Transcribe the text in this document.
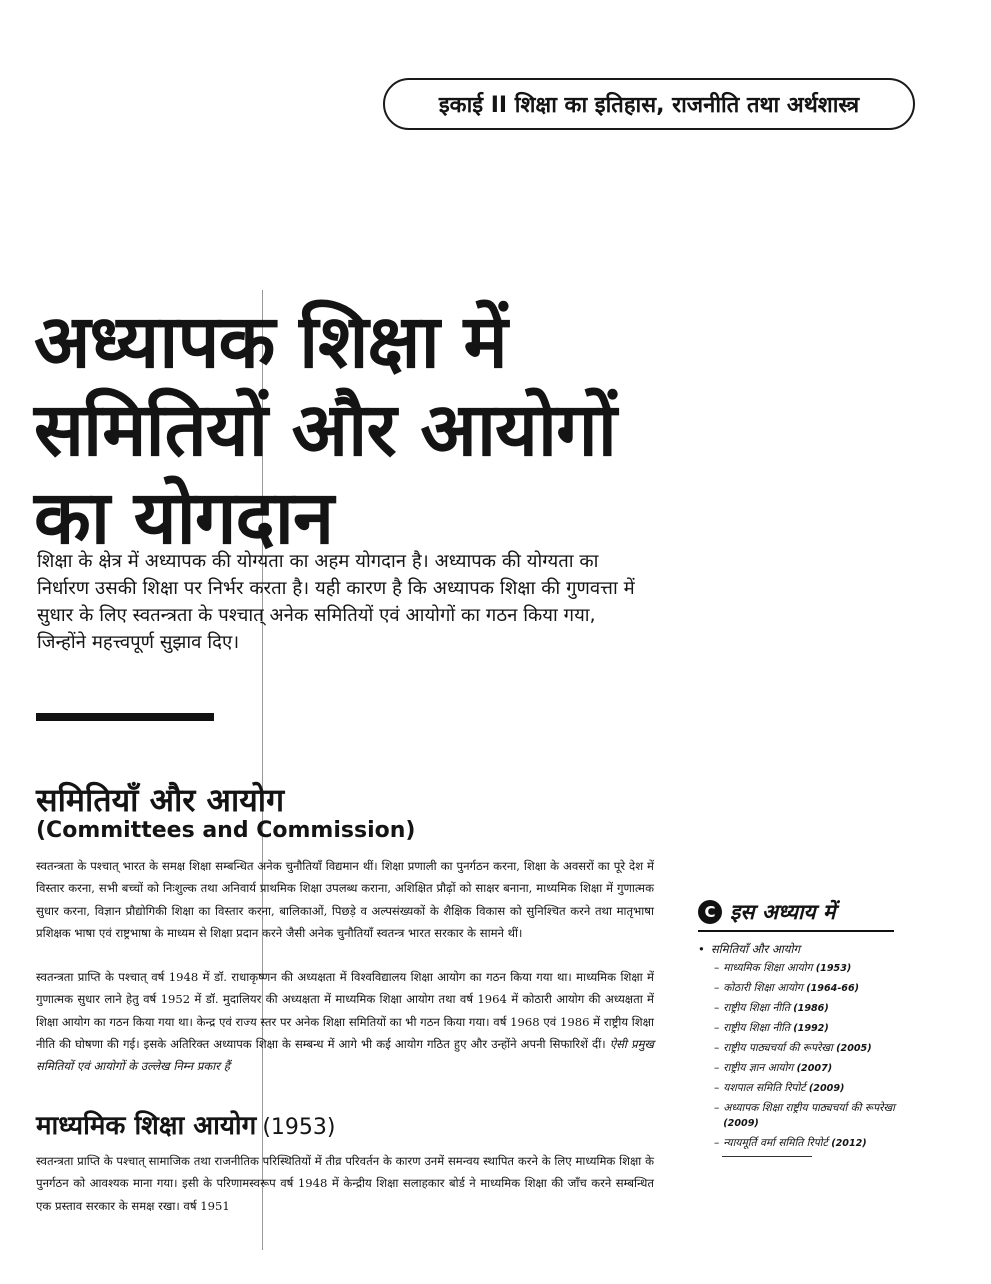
इकाई II शिक्षा का इतिहास, राजनीति तथा अर्थशास्त्र
अध्यापक शिक्षा में
समितियों और आयोगों
का योगदान

शिक्षा के क्षेत्र में अध्यापक की योग्यता का अहम योगदान है। अध्यापक की योग्यता का निर्धारण उसकी शिक्षा पर निर्भर करता है। यही कारण है कि अध्यापक शिक्षा की गुणवत्ता में सुधार के लिए स्वतन्त्रता के पश्चात् अनेक समितियों एवं आयोगों का गठन किया गया, जिन्होंने महत्त्वपूर्ण सुझाव दिए।

समितियाँ और आयोग
(Committees and Commission)

स्वतन्त्रता के पश्चात् भारत के समक्ष शिक्षा सम्बन्धित अनेक चुनौतियाँ विद्यमान थीं। शिक्षा प्रणाली का पुनर्गठन करना, शिक्षा के अवसरों का पूरे देश में विस्तार करना, सभी बच्चों को निःशुल्क तथा अनिवार्य प्राथमिक शिक्षा उपलब्ध कराना, अशिक्षित प्रौढ़ों को साक्षर बनाना, माध्यमिक शिक्षा में गुणात्मक सुधार करना, विज्ञान प्रौद्योगिकी शिक्षा का विस्तार करना, बालिकाओं, पिछड़े व अल्पसंख्यकों के शैक्षिक विकास को सुनिश्चित करने तथा मातृभाषा प्रशिक्षक भाषा एवं राष्ट्रभाषा के माध्यम से शिक्षा प्रदान करने जैसी अनेक चुनौतियाँ स्वतन्त्र भारत सरकार के सामने थीं।

स्वतन्त्रता प्राप्ति के पश्चात् वर्ष 1948 में डॉ. राधाकृष्णन की अध्यक्षता में विश्वविद्यालय शिक्षा आयोग का गठन किया गया था। माध्यमिक शिक्षा में गुणात्मक सुधार लाने हेतु वर्ष 1952 में डॉ. मुदालियर की अध्यक्षता में माध्यमिक शिक्षा आयोग तथा वर्ष 1964 में कोठारी आयोग की अध्यक्षता में शिक्षा आयोग का गठन किया गया था। केन्द्र एवं राज्य स्तर पर अनेक शिक्षा समितियों का भी गठन किया गया। वर्ष 1968 एवं 1986 में राष्ट्रीय शिक्षा नीति की घोषणा की गई। इसके अतिरिक्त अध्यापक शिक्षा के सम्बन्ध में आगे भी कई आयोग गठित हुए और उन्होंने अपनी सिफारिशें दीं। ऐसी प्रमुख समितियों एवं आयोगों के उल्लेख निम्न प्रकार हैं

माध्यमिक शिक्षा आयोग (1953)

स्वतन्त्रता प्राप्ति के पश्चात् सामाजिक तथा राजनीतिक परिस्थितियों में तीव्र परिवर्तन के कारण उनमें समन्वय स्थापित करने के लिए माध्यमिक शिक्षा के पुनर्गठन को आवश्यक माना गया। इसी के परिणामस्वरूप वर्ष 1948 में केन्द्रीय शिक्षा सलाहकार बोर्ड ने माध्यमिक शिक्षा की जाँच करने सम्बन्धित एक प्रस्ताव सरकार के समक्ष रखा। वर्ष 1951

C इस अध्याय में
• समितियाँ और आयोग
– माध्यमिक शिक्षा आयोग (1953)
– कोठारी शिक्षा आयोग (1964-66)
– राष्ट्रीय शिक्षा नीति (1986)
– राष्ट्रीय शिक्षा नीति (1992)
– राष्ट्रीय पाठ्यचर्या की रूपरेखा (2005)
– राष्ट्रीय ज्ञान आयोग (2007)
– यशपाल समिति रिपोर्ट (2009)
– अध्यापक शिक्षा राष्ट्रीय पाठ्यचर्या की रूपरेखा (2009)
– न्यायमूर्ति वर्मा समिति रिपोर्ट (2012)
